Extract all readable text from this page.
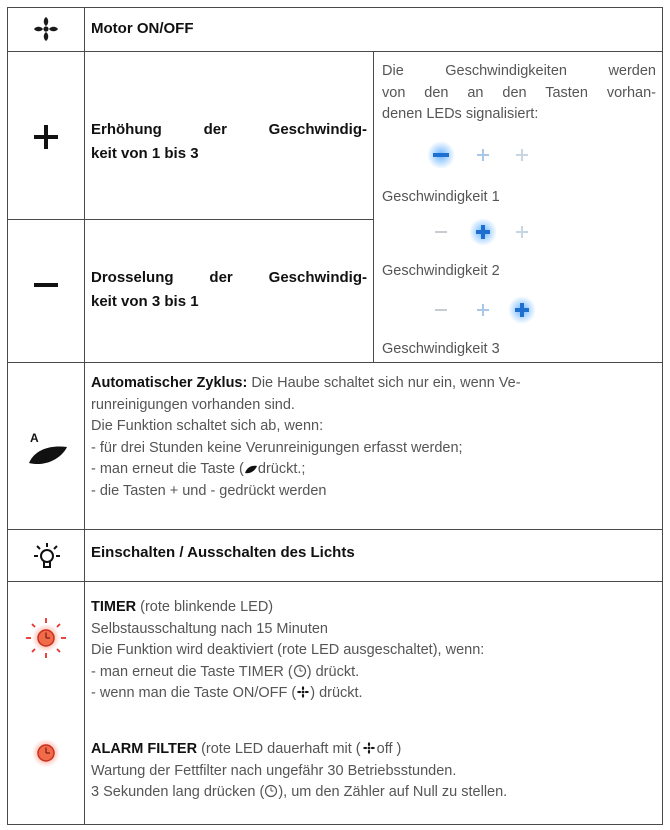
Motor ON/OFF
Erhöhung der Geschwindig-
keit von 1 bis 3
Drosselung der Geschwindig-
keit von 3 bis 1
Die Geschwindigkeiten werden
von den an den Tasten vorhan-
denen LEDs signalisiert:
Geschwindigkeit 1
Geschwindigkeit 2
Geschwindigkeit 3
A
Automatischer Zyklus: Die Haube schaltet sich nur ein, wenn Ve-
runreinigungen vorhanden sind.
Die Funktion schaltet sich ab, wenn:
- für drei Stunden keine Verunreinigungen erfasst werden;
- man erneut die Taste ( drückt.;
- die Tasten + und - gedrückt werden
Einschalten / Ausschalten des Lichts
TIMER (rote blinkende LED)
Selbstausschaltung nach 15 Minuten
Die Funktion wird deaktiviert (rote LED ausgeschaltet), wenn:
- man erneut die Taste TIMER ( ) drückt.
- wenn man die Taste ON/OFF ( ) drückt.
ALARM FILTER (rote LED dauerhaft mit ( off )
Wartung der Fettfilter nach ungefähr 30 Betriebsstunden.
3 Sekunden lang drücken ( ), um den Zähler auf Null zu stellen.
